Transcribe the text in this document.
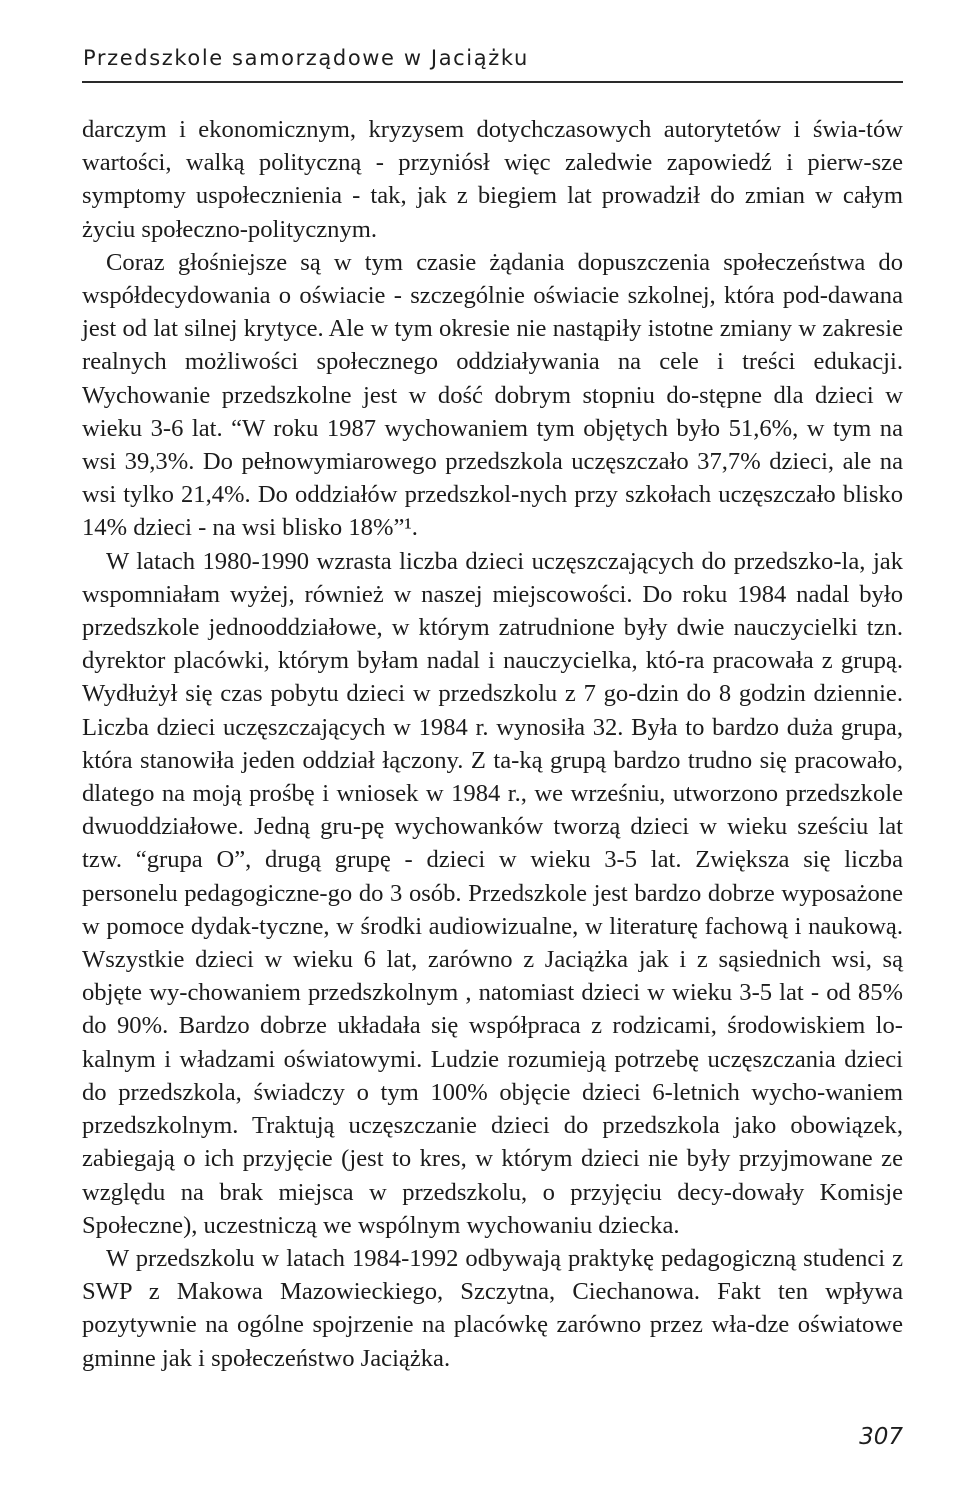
Przedszkole samorządowe w Jaciążku

darczym i ekonomicznym, kryzysem dotychczasowych autorytetów i świa-tów wartości, walką polityczną - przyniósł więc zaledwie zapowiedź i pierw-sze symptomy uspołecznienia - tak, jak z biegiem lat prowadził do zmian w całym życiu społeczno-politycznym.

Coraz głośniejsze są w tym czasie żądania dopuszczenia społeczeństwa do współdecydowania o oświacie - szczególnie oświacie szkolnej, która pod-dawana jest od lat silnej krytyce. Ale w tym okresie nie nastąpiły istotne zmiany w zakresie realnych możliwości społecznego oddziaływania na cele i treści edukacji. Wychowanie przedszkolne jest w dość dobrym stopniu do-stępne dla dzieci w wieku 3-6 lat. “W roku 1987 wychowaniem tym objętych było 51,6%, w tym na wsi 39,3%. Do pełnowymiarowego przedszkola uczęszczało 37,7% dzieci, ale na wsi tylko 21,4%. Do oddziałów przedszkol-nych przy szkołach uczęszczało blisko 14% dzieci - na wsi blisko 18%”¹.

W latach 1980-1990 wzrasta liczba dzieci uczęszczających do przedszko-la, jak wspomniałam wyżej, również w naszej miejscowości. Do roku 1984 nadal było przedszkole jednooddziałowe, w którym zatrudnione były dwie nauczycielki tzn. dyrektor placówki, którym byłam nadal i nauczycielka, któ-ra pracowała z grupą. Wydłużył się czas pobytu dzieci w przedszkolu z 7 go-dzin do 8 godzin dziennie. Liczba dzieci uczęszczających w 1984 r. wynosiła 32. Była to bardzo duża grupa, która stanowiła jeden oddział łączony. Z ta-ką grupą bardzo trudno się pracowało, dlatego na moją prośbę i wniosek w 1984 r., we wrześniu, utworzono przedszkole dwuoddziałowe. Jedną gru-pę wychowanków tworzą dzieci w wieku sześciu lat tzw. “grupa O”, drugą grupę - dzieci w wieku 3-5 lat. Zwiększa się liczba personelu pedagogiczne-go do 3 osób. Przedszkole jest bardzo dobrze wyposażone w pomoce dydak-tyczne, w środki audiowizualne, w literaturę fachową i naukową. Wszystkie dzieci w wieku 6 lat, zarówno z Jaciążka jak i z sąsiednich wsi, są objęte wy-chowaniem przedszkolnym , natomiast dzieci w wieku 3-5 lat - od 85% do 90%. Bardzo dobrze układała się współpraca z rodzicami, środowiskiem lo-kalnym i władzami oświatowymi. Ludzie rozumieją potrzebę uczęszczania dzieci do przedszkola, świadczy o tym 100% objęcie dzieci 6-letnich wycho-waniem przedszkolnym. Traktują uczęszczanie dzieci do przedszkola jako obowiązek, zabiegają o ich przyjęcie (jest to kres, w którym dzieci nie były przyjmowane ze względu na brak miejsca w przedszkolu, o przyjęciu decy-dowały Komisje Społeczne), uczestniczą we wspólnym wychowaniu dziecka.

W przedszkolu w latach 1984-1992 odbywają praktykę pedagogiczną studenci z SWP z Makowa Mazowieckiego, Szczytna, Ciechanowa. Fakt ten wpływa pozytywnie na ogólne spojrzenie na placówkę zarówno przez wła-dze oświatowe gminne jak i społeczeństwo Jaciążka.

307
